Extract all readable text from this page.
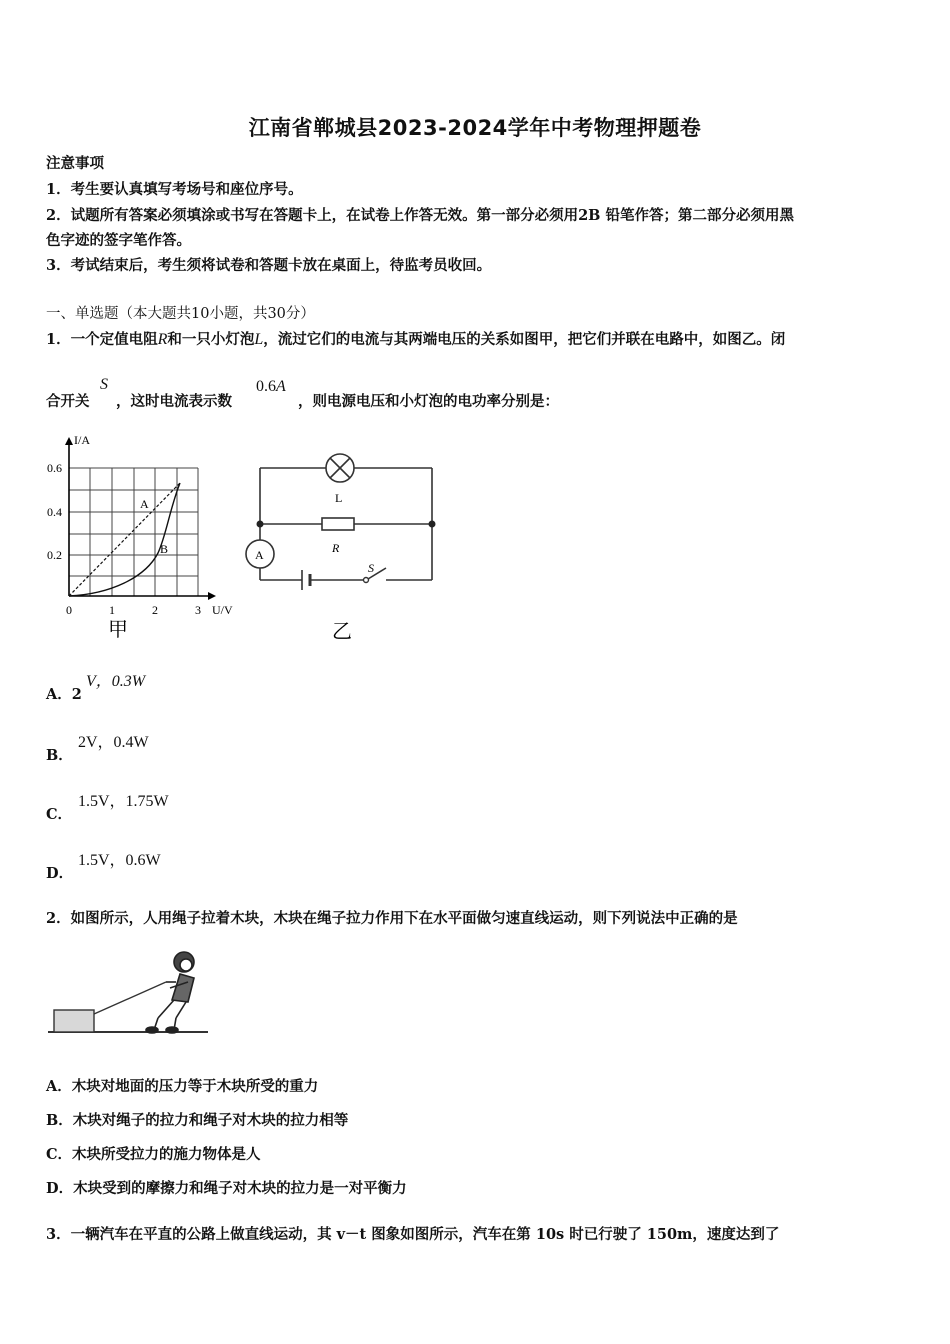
江南省郸城县2023-2024学年中考物理押题卷
注意事项
1．考生要认真填写考场号和座位序号。
2．试题所有答案必须填涂或书写在答题卡上，在试卷上作答无效。第一部分必须用2B 铅笔作答；第二部分必须用黑
色字迹的签字笔作答。
3．考试结束后，考生须将试卷和答题卡放在桌面上，待监考员收回。
一、单选题（本大题共10小题，共30分）
1．一个定值电阻R和一只小灯泡L，流过它们的电流与其两端电压的关系如图甲，把它们并联在电路中，如图乙。闭
合开关
S
，这时电流表示数
0.6A
，则电源电压和小灯泡的电功率分别是：
I/A
U/V
0.6
0.4
0.2
0	1	2	3
A
B
甲
L
R
A
S
乙
A．2
V，0.3W
B．
2V，0.4W
C．
1.5V，1.75W
D．
1.5V，0.6W
2．如图所示，人用绳子拉着木块，木块在绳子拉力作用下在水平面做匀速直线运动，则下列说法中正确的是
A．木块对地面的压力等于木块所受的重力
B．木块对绳子的拉力和绳子对木块的拉力相等
C．木块所受拉力的施力物体是人
D．木块受到的摩擦力和绳子对木块的拉力是一对平衡力
3．一辆汽车在平直的公路上做直线运动，其 v－t 图象如图所示，汽车在第 10s 时已行驶了 150m，速度达到了
